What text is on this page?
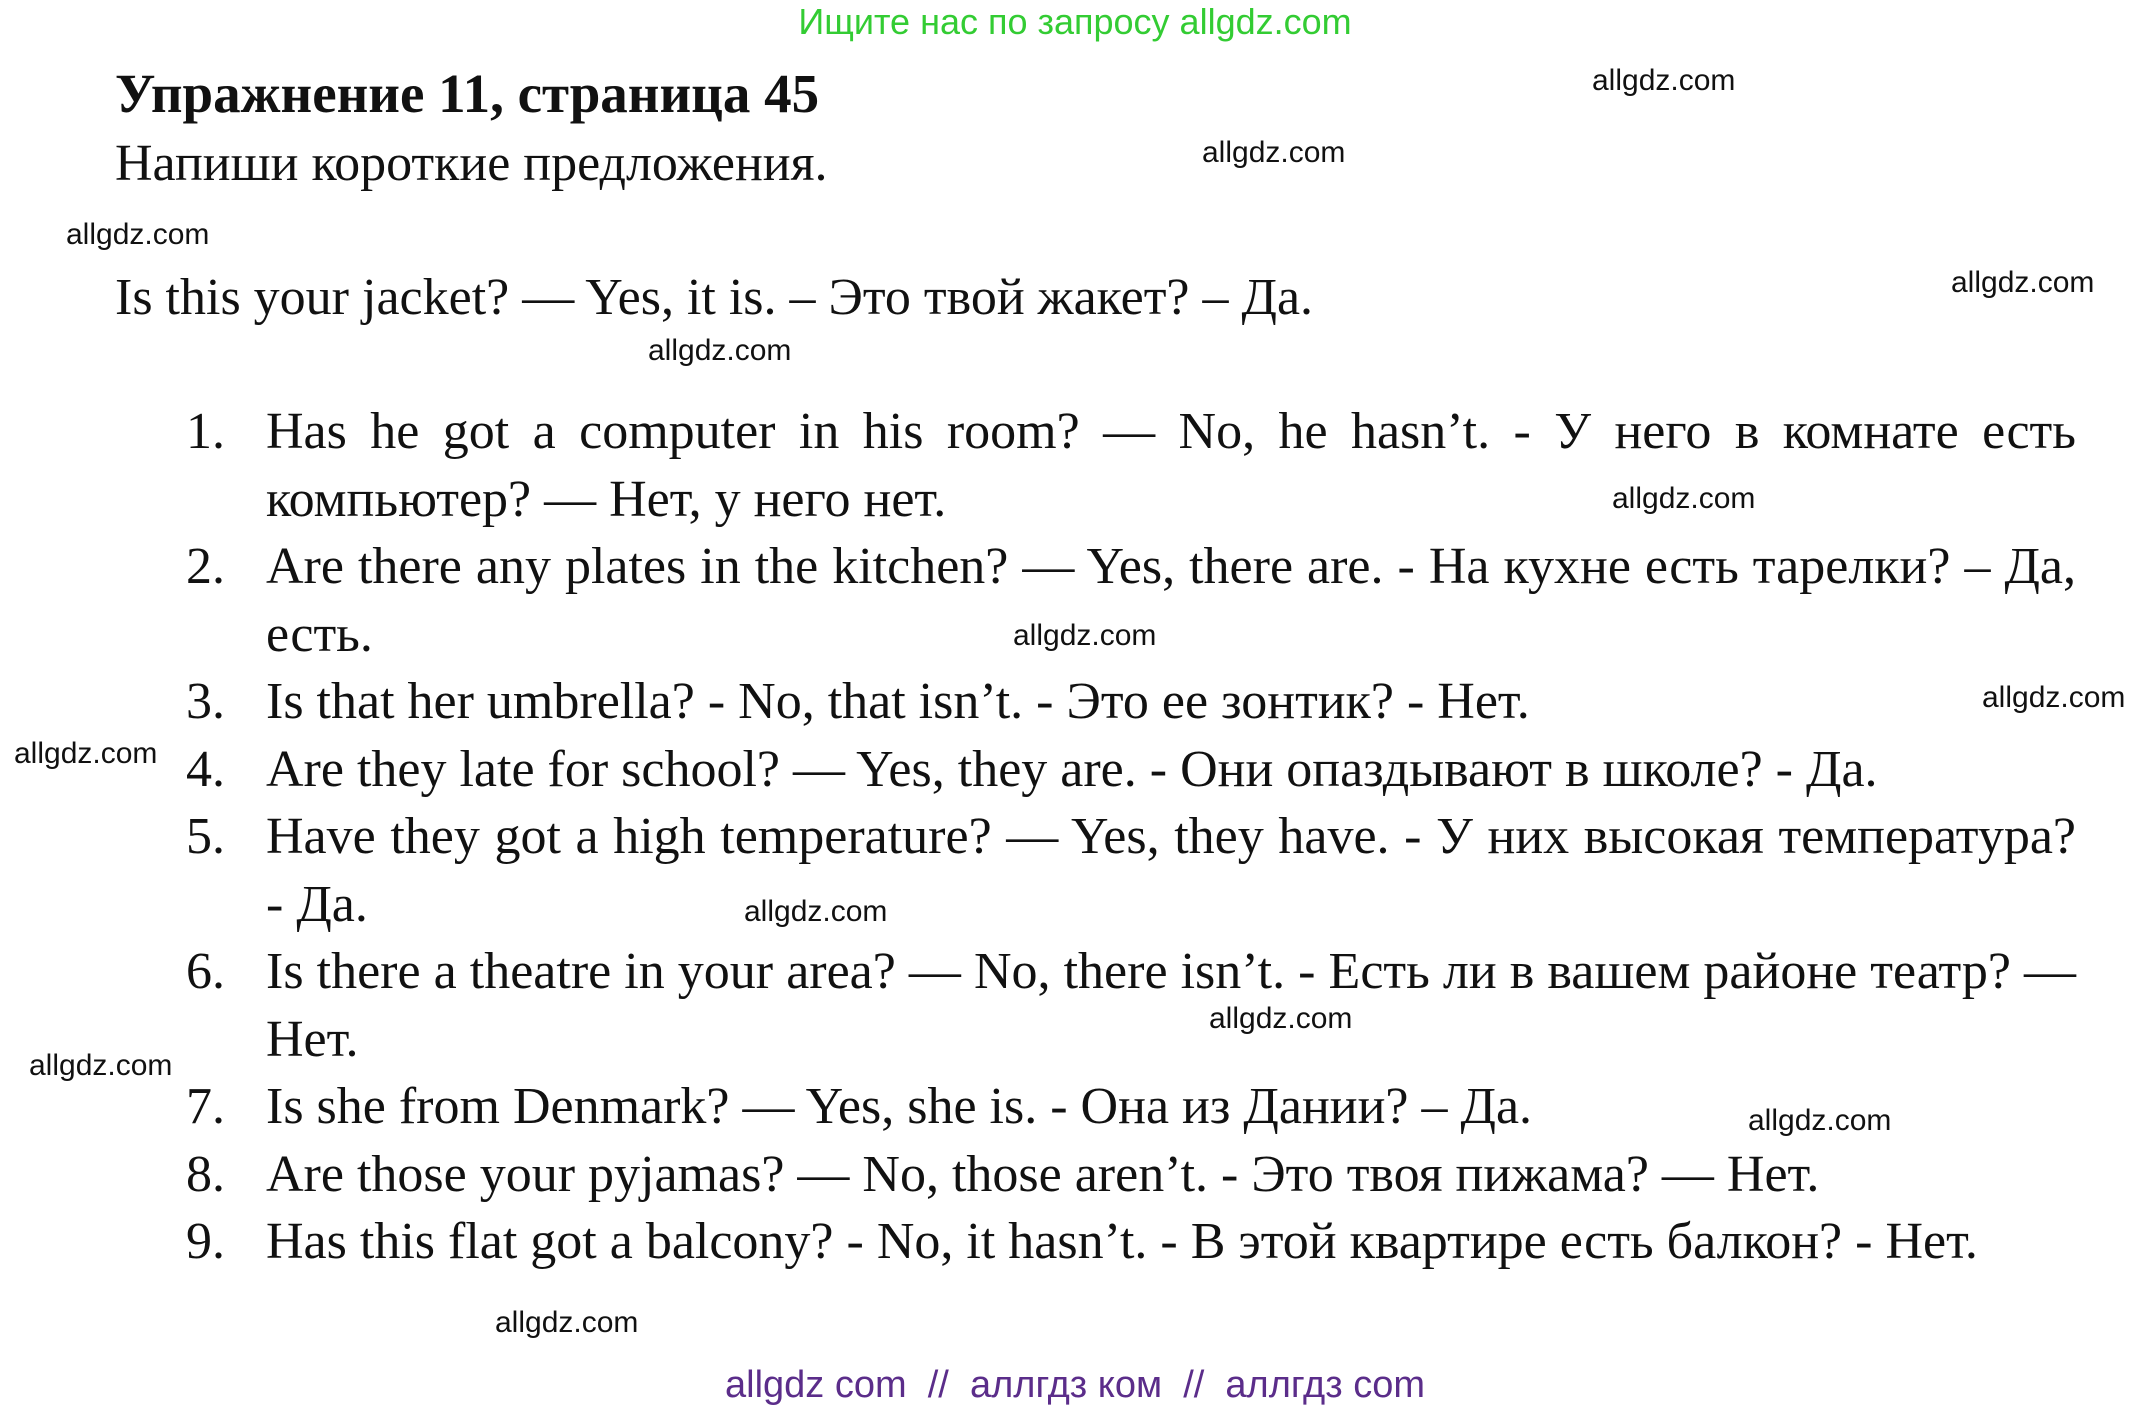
Ищите нас по запросу allgdz.com
Упражнение 11, страница 45
Напиши короткие предложения.
Is this your jacket? — Yes, it is. – Это твой жакет? – Да.
1. Has he got a computer in his room? — No, he hasn’t. - У него в комнате есть компьютер? — Нет, у него нет.
2. Are there any plates in the kitchen? — Yes, there are. - На кухне есть тарелки? – Да, есть.
3. Is that her umbrella? - No, that isn’t. - Это ее зонтик? - Нет.
4. Are they late for school? — Yes, they are. - Они опаздывают в школе? - Да.
5. Have they got a high temperature? — Yes, they have. - У них высокая температура? - Да.
6. Is there a theatre in your area? — No, there isn’t. - Есть ли в вашем районе театр? — Нет.
7. Is she from Denmark? — Yes, she is. - Она из Дании? – Да.
8. Are those your pyjamas? — No, those aren’t. - Это твоя пижама? — Нет.
9. Has this flat got a balcony? - No, it hasn’t. - В этой квартире есть балкон? - Нет.
allgdz.com
allgdz.com
allgdz.com
allgdz.com
allgdz.com
allgdz.com
allgdz.com
allgdz.com
allgdz.com
allgdz.com
allgdz.com
allgdz.com
allgdz.com
allgdz.com
allgdz com  //  аллгдз ком  //  аллгдз com
